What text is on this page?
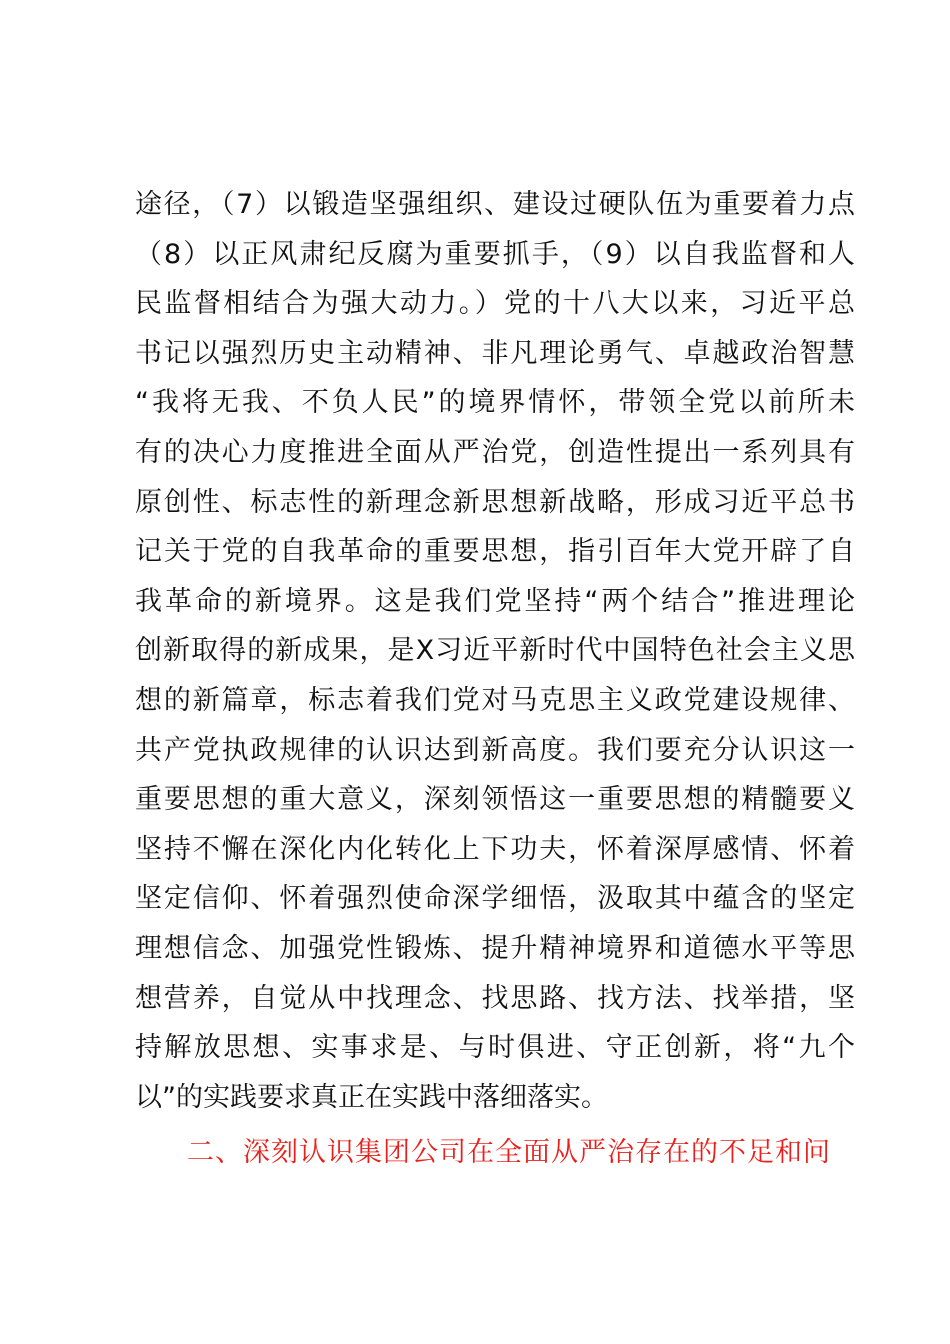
途径，（7）以锻造坚强组织、建设过硬队伍为重要着力点
（8）以正风肃纪反腐为重要抓手，（9）以自我监督和人
民监督相结合为强大动力。）党的十八大以来，习近平总
书记以强烈历史主动精神、非凡理论勇气、卓越政治智慧
“我将无我、不负人民”的境界情怀，带领全党以前所未
有的决心力度推进全面从严治党，创造性提出一系列具有
原创性、标志性的新理念新思想新战略，形成习近平总书
记关于党的自我革命的重要思想，指引百年大党开辟了自
我革命的新境界。这是我们党坚持“两个结合”推进理论
创新取得的新成果，是X习近平新时代中国特色社会主义思
想的新篇章，标志着我们党对马克思主义政党建设规律、
共产党执政规律的认识达到新高度。我们要充分认识这一
重要思想的重大意义，深刻领悟这一重要思想的精髓要义
坚持不懈在深化内化转化上下功夫，怀着深厚感情、怀着
坚定信仰、怀着强烈使命深学细悟，汲取其中蕴含的坚定
理想信念、加强党性锻炼、提升精神境界和道德水平等思
想营养，自觉从中找理念、找思路、找方法、找举措，坚
持解放思想、实事求是、与时俱进、守正创新，将“九个
以”的实践要求真正在实践中落细落实。
二、深刻认识集团公司在全面从严治存在的不足和问
